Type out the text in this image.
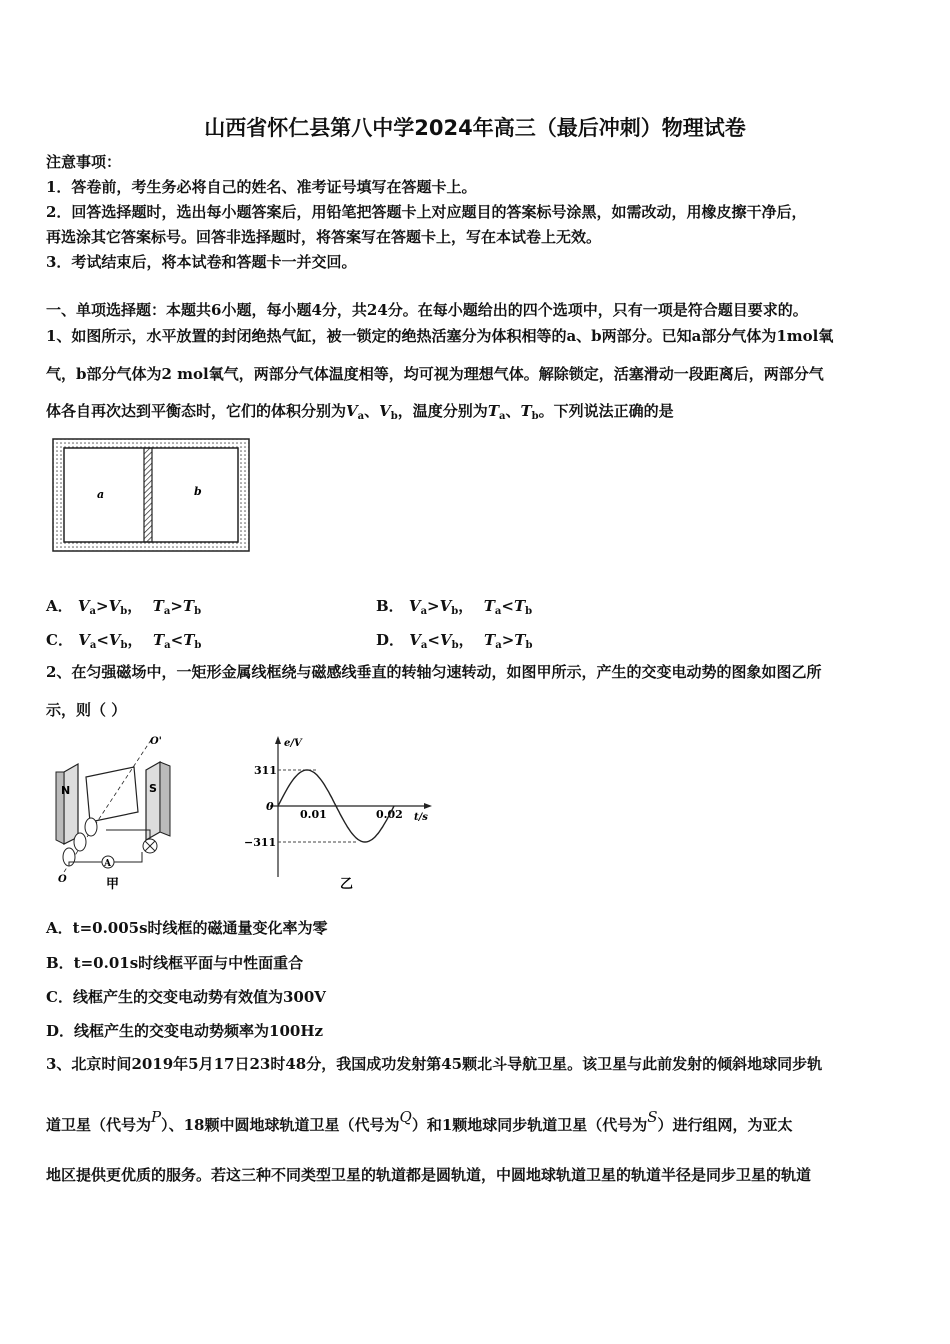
山西省怀仁县第八中学2024年高三（最后冲刺）物理试卷
注意事项：
1．答卷前，考生务必将自己的姓名、准考证号填写在答题卡上。
2．回答选择题时，选出每小题答案后，用铅笔把答题卡上对应题目的答案标号涂黑，如需改动，用橡皮擦干净后，
再选涂其它答案标号。回答非选择题时，将答案写在答题卡上，写在本试卷上无效。
3．考试结束后，将本试卷和答题卡一并交回。
一、单项选择题：本题共6小题，每小题4分，共24分。在每小题给出的四个选项中，只有一项是符合题目要求的。
1、如图所示，水平放置的封闭绝热气缸，被一锁定的绝热活塞分为体积相等的a、b两部分。已知a部分气体为1mol氧
气，b部分气体为2 mol氧气，两部分气体温度相等，均可视为理想气体。解除锁定，活塞滑动一段距离后，两部分气
体各自再次达到平衡态时，它们的体积分别为$V_a$、$V_b$，温度分别为$T_a$、$T_b$。下列说法正确的是
a	b
A． $V_a>V_b$，  $T_a>T_b$	B． $V_a>V_b$，  $T_a<T_b$
C． $V_a<V_b$，  $T_a<T_b$	D． $V_a<V_b$，  $T_a>T_b$
2、在匀强磁场中，一矩形金属线框绕与磁感线垂直的转轴匀速转动，如图甲所示，产生的交变电动势的图象如图乙所
示，则（ ）
N	S
O'
O
A
甲
e/V
t/s
311
0
−311
0.01	0.02
乙
A．t=0.005s时线框的磁通量变化率为零
B．t=0.01s时线框平面与中性面重合
C．线框产生的交变电动势有效值为300V
D．线框产生的交变电动势频率为100Hz
3、北京时间2019年5月17日23时48分，我国成功发射第45颗北斗导航卫星。该卫星与此前发射的倾斜地球同步轨
道卫星（代号为P）、18颗中圆地球轨道卫星（代号为Q）和1颗地球同步轨道卫星（代号为S）进行组网，为亚太
地区提供更优质的服务。若这三种不同类型卫星的轨道都是圆轨道，中圆地球轨道卫星的轨道半径是同步卫星的轨道
